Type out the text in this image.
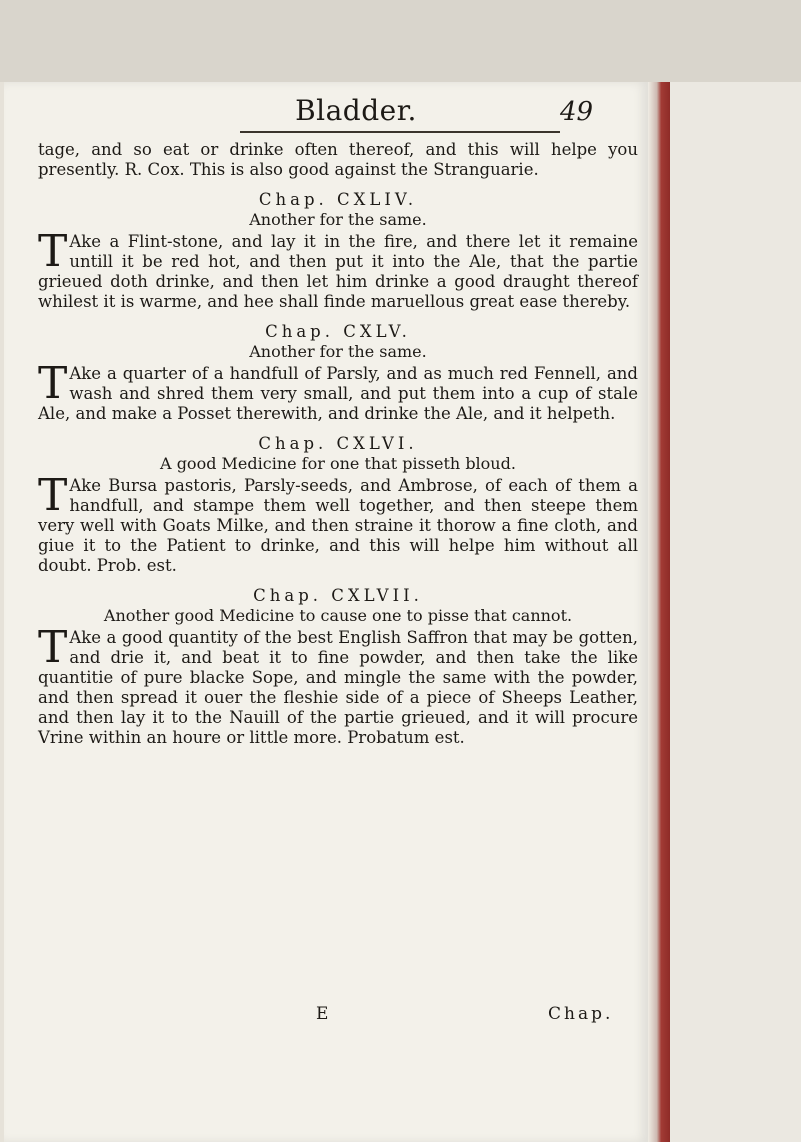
Bladder.	49

tage, and so eat or drinke often thereof, and this will helpe you presently. R. Cox. This is also good against the Stranguarie.

Chap. CXLIV.
Another for the same.

T Ake a Flint-stone, and lay it in the fire, and there let it remaine untill it be red hot, and then put it into the Ale, that the partie grieued doth drinke, and then let him drinke a good draught thereof whilest it is warme, and hee shall finde maruellous great ease thereby.

Chap. CXLV.
Another for the same.

T Ake a quarter of a handfull of Parsly, and as much red Fennell, and wash and shred them very small, and put them into a cup of stale Ale, and make a Posset therewith, and drinke the Ale, and it helpeth.

Chap. CXLVI.
A good Medicine for one that pisseth bloud.

T Ake Bursa pastoris, Parsly-seeds, and Ambrose, of each of them a handfull, and stampe them well together, and then steepe them very well with Goats Milke, and then straine it thorow a fine cloth, and giue it to the Patient to drinke, and this will helpe him without all doubt. Prob. est.

Chap. CXLVII.
Another good Medicine to cause one to pisse that cannot.

T Ake a good quantity of the best English Saffron that may be gotten, and drie it, and beat it to fine powder, and then take the like quantitie of pure blacke Sope, and mingle the same with the powder, and then spread it ouer the fleshie side of a piece of Sheeps Leather, and then lay it to the Nauill of the partie grieued, and it will procure Vrine within an houre or little more. Probatum est.

E	Chap.
